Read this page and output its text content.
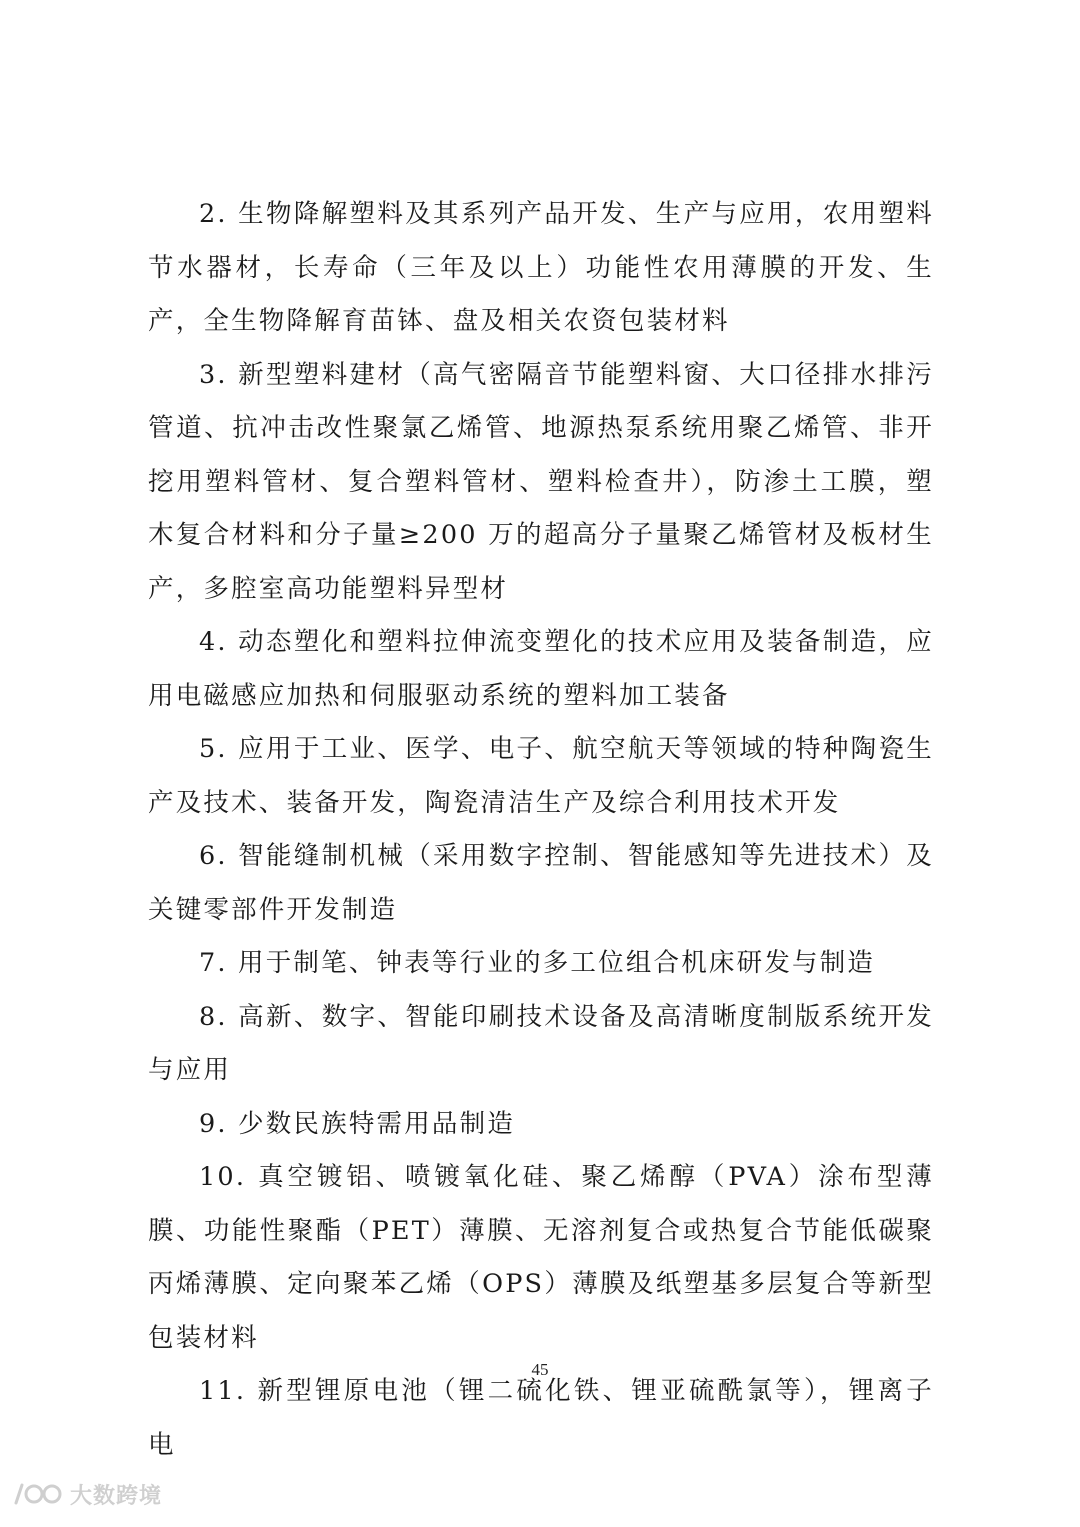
2. 生物降解塑料及其系列产品开发、生产与应用，农用塑料节水器材，长寿命（三年及以上）功能性农用薄膜的开发、生产，全生物降解育苗钵、盘及相关农资包装材料

3. 新型塑料建材（高气密隔音节能塑料窗、大口径排水排污管道、抗冲击改性聚氯乙烯管、地源热泵系统用聚乙烯管、非开挖用塑料管材、复合塑料管材、塑料检查井），防渗土工膜，塑木复合材料和分子量≥200 万的超高分子量聚乙烯管材及板材生产，多腔室高功能塑料异型材

4. 动态塑化和塑料拉伸流变塑化的技术应用及装备制造，应用电磁感应加热和伺服驱动系统的塑料加工装备

5. 应用于工业、医学、电子、航空航天等领域的特种陶瓷生产及技术、装备开发，陶瓷清洁生产及综合利用技术开发

6. 智能缝制机械（采用数字控制、智能感知等先进技术）及关键零部件开发制造

7. 用于制笔、钟表等行业的多工位组合机床研发与制造

8. 高新、数字、智能印刷技术设备及高清晰度制版系统开发与应用

9. 少数民族特需用品制造

10. 真空镀铝、喷镀氧化硅、聚乙烯醇（PVA）涂布型薄膜、功能性聚酯（PET）薄膜、无溶剂复合或热复合节能低碳聚丙烯薄膜、定向聚苯乙烯（OPS）薄膜及纸塑基多层复合等新型包装材料

11. 新型锂原电池（锂二硫化铁、锂亚硫酰氯等），锂离子电

45
大数跨境
